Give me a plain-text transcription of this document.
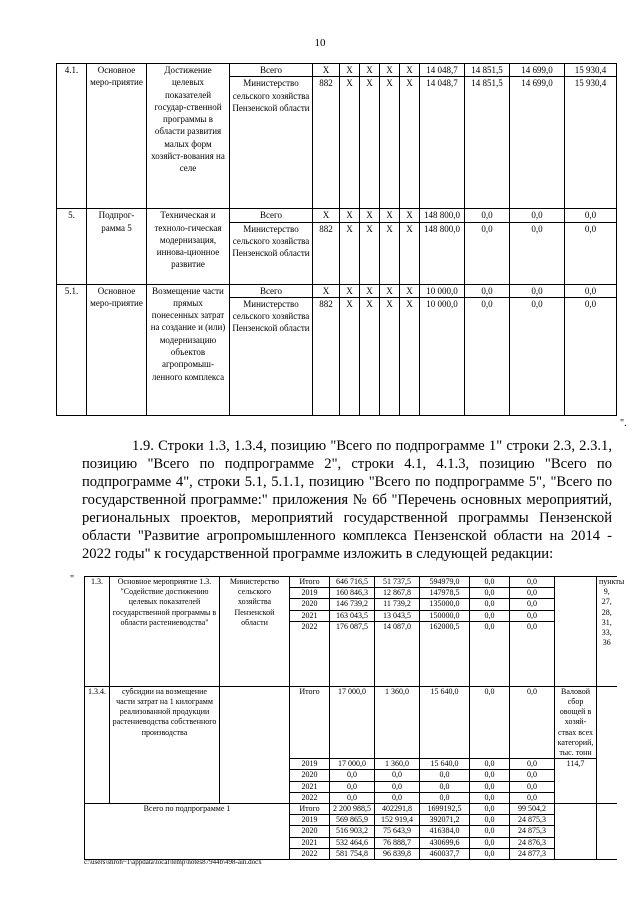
10
4.1.	Основное меро-приятие	Достижение целевых показателей государ-ственной программы в области развития малых форм хозяйст-вования на селе	Всего	X	X	X	X	X	14 048,7	14 851,5	14 699,0	15 930,4
			Министерство сельского хозяйства Пензенской области	882	X	X	X	X	14 048,7	14 851,5	14 699,0	15 930,4
5.	Подпрог-рамма 5	Техническая и техноло-гическая модернизация, иннова-ционное развитие	Всего	X	X	X	X	X	148 800,0	0,0	0,0	0,0
			Министерство сельского хозяйства Пензенской области	882	X	X	X	X	148 800,0	0,0	0,0	0,0
5.1.	Основное меро-приятие	Возмещение части прямых понесенных затрат на создание и (или) модернизацию объектов агропромыш-ленного комплекса	Всего	X	X	X	X	X	10 000,0	0,0	0,0	0,0
			Министерство сельского хозяйства Пензенской области	882	X	X	X	X	10 000,0	0,0	0,0	0,0
".

1.9. Строки 1.3, 1.3.4, позицию "Всего по подпрограмме 1" строки 2.3, 2.3.1, позицию "Всего по подпрограмме 2", строки 4.1, 4.1.3, позицию "Всего по подпрограмме 4", строки 5.1, 5.1.1, позицию "Всего по подпрограмме 5", "Всего по государственной программе:" приложения № 6б "Перечень основных мероприятий, региональных проектов, мероприятий государственной программы Пензенской области "Развитие агропромышленного комплекса Пензенской области на 2014 - 2022 годы" к государственной программе изложить в следующей редакции:

" 1.3.	Основное мероприятие 1.3. "Содействие достижению целевых показателей государственной программы в области растениеводства"	Министерство сельского хозяйства Пензенской области	Итого	646 716,5	51 737,5	594979,0	0,0	0,0		пункты 9, 27, 28, 31, 33, 36
			2019	160 846,3	12 867,8	147978,5	0,0	0,0		
			2020	146 739,2	11 739,2	135000,0	0,0	0,0		
			2021	163 043,5	13 043,5	150000,0	0,0	0,0		
			2022	176 087,5	14 087,0	162000,5	0,0	0,0		
1.3.4.	субсидии на возмещение части затрат на 1 килограмм реализованной продукции растениеводства собственного производства		Итого	17 000,0	1 360,0	15 640,0	0,0	0,0	Валовой сбор овощей в хозяй-ствах всех категорий, тыс. тонн	
			2019	17 000,0	1 360,0	15 640,0	0,0	0,0	114,7	
			2020	0,0	0,0	0,0	0,0	0,0		
			2021	0,0	0,0	0,0	0,0	0,0		
			2022	0,0	0,0	0,0	0,0	0,0		
Всего по подпрограмме 1			Итого	2 200 988,5	402291,8	1699192,5	0,0	99 504,2		
			2019	569 865,9	152 919,4	392071,2	0,0	24 875,3		
			2020	516 903,2	75 643,9	416384,0	0,0	24 875,3		
			2021	532 464,6	76 888,7	430699,6	0,0	24 876,3		
			2022	581 754,8	96 839,8	460037,7	0,0	24 877,3		
c:\users\shroh~1\appdata\local\temp\notes87944b\498-ain.docx
